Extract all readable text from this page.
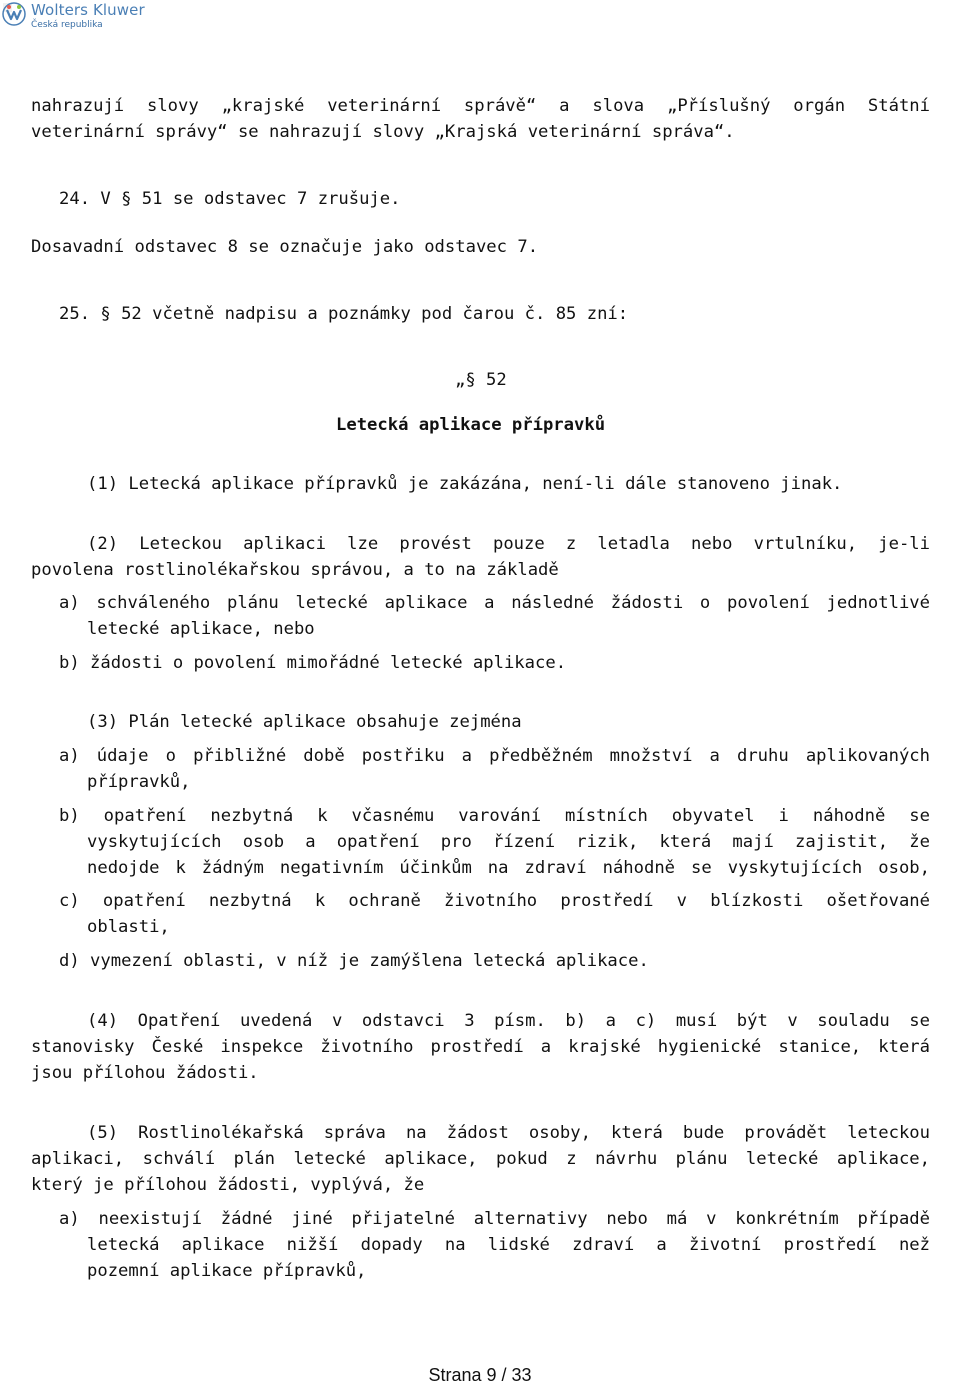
Wolters Kluwer
Česká republika
nahrazují slovy „krajské veterinární správě“ a slova „Příslušný orgán Státní
veterinární správy“ se nahrazují slovy „Krajská veterinární správa“.
24. V § 51 se odstavec 7 zrušuje.
Dosavadní odstavec 8 se označuje jako odstavec 7.
25. § 52 včetně nadpisu a poznámky pod čarou č. 85 zní:
„§ 52
Letecká aplikace přípravků
(1) Letecká aplikace přípravků je zakázána, není-li dále stanoveno jinak.
(2) Leteckou aplikaci lze provést pouze z letadla nebo vrtulníku, je-li
povolena rostlinolékařskou správou, a to na základě
a) schváleného plánu letecké aplikace a následné žádosti o povolení jednotlivé
letecké aplikace, nebo
b) žádosti o povolení mimořádné letecké aplikace.
(3) Plán letecké aplikace obsahuje zejména
a) údaje o přibližné době postřiku a předběžném množství a druhu aplikovaných
přípravků,
b) opatření nezbytná k včasnému varování místních obyvatel i náhodně se
vyskytujících osob a opatření pro řízení rizik, která mají zajistit, že
nedojde k žádným negativním účinkům na zdraví náhodně se vyskytujících osob,
c) opatření nezbytná k ochraně životního prostředí v blízkosti ošetřované
oblasti,
d) vymezení oblasti, v níž je zamýšlena letecká aplikace.
(4) Opatření uvedená v odstavci 3 písm. b) a c) musí být v souladu se
stanovisky České inspekce životního prostředí a krajské hygienické stanice, která
jsou přílohou žádosti.
(5) Rostlinolékařská správa na žádost osoby, která bude provádět leteckou
aplikaci, schválí plán letecké aplikace, pokud z návrhu plánu letecké aplikace,
který je přílohou žádosti, vyplývá, že
a) neexistují žádné jiné přijatelné alternativy nebo má v konkrétním případě
letecká aplikace nižší dopady na lidské zdraví a životní prostředí než
pozemní aplikace přípravků,
Strana 9 / 33
